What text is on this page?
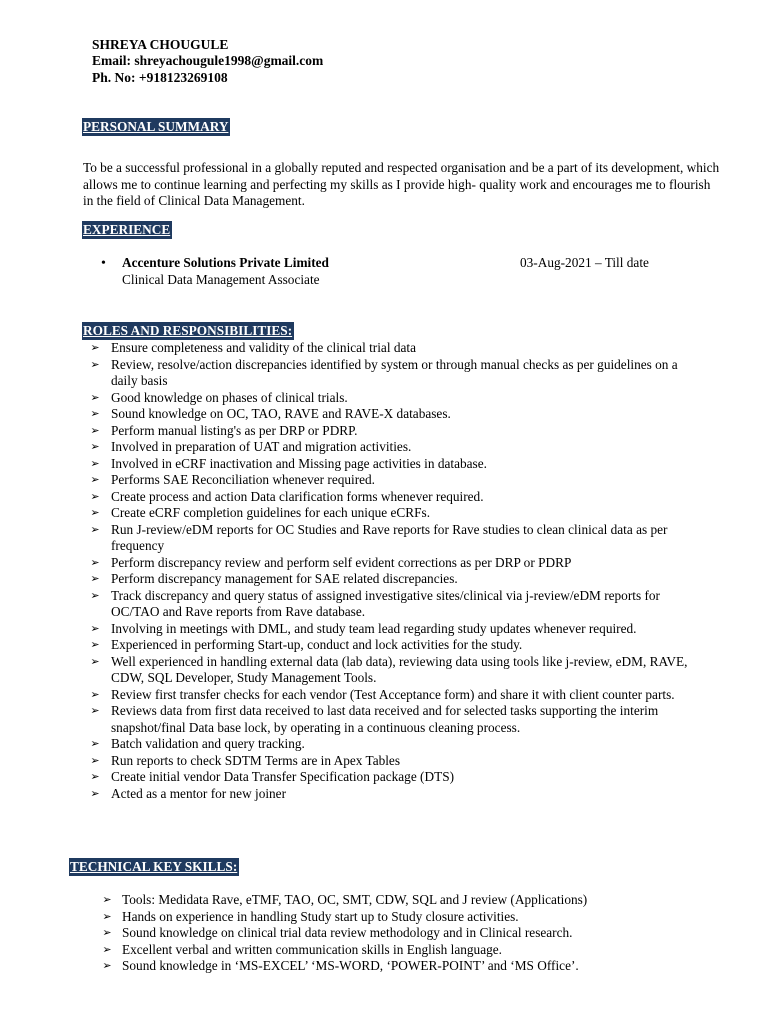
SHREYA CHOUGULE
Email: shreyachougule1998@gmail.com
Ph. No: +918123269108
PERSONAL SUMMARY
To be a successful professional in a globally reputed and respected organisation and be a part of its development, which allows me to continue learning and perfecting my skills as I provide high- quality work and encourages me to flourish in the field of Clinical Data Management.
EXPERIENCE
• Accenture Solutions Private Limited	03-Aug-2021 – Till date
Clinical Data Management Associate
ROLES AND RESPONSIBILITIES:
➢ Ensure completeness and validity of the clinical trial data
➢ Review, resolve/action discrepancies identified by system or through manual checks as per guidelines on a daily basis
➢ Good knowledge on phases of clinical trials.
➢ Sound knowledge on OC, TAO, RAVE and RAVE-X databases.
➢ Perform manual listing's as per DRP or PDRP.
➢ Involved in preparation of UAT and migration activities.
➢ Involved in eCRF inactivation and Missing page activities in database.
➢ Performs SAE Reconciliation whenever required.
➢ Create process and action Data clarification forms whenever required.
➢ Create eCRF completion guidelines for each unique eCRFs.
➢ Run J-review/eDM reports for OC Studies and Rave reports for Rave studies to clean clinical data as per frequency
➢ Perform discrepancy review and perform self evident corrections as per DRP or PDRP
➢ Perform discrepancy management for SAE related discrepancies.
➢ Track discrepancy and query status of assigned investigative sites/clinical via j-review/eDM reports for OC/TAO and Rave reports from Rave database.
➢ Involving in meetings with DML, and study team lead regarding study updates whenever required.
➢ Experienced in performing Start-up, conduct and lock activities for the study.
➢ Well experienced in handling external data (lab data), reviewing data using tools like j-review, eDM, RAVE, CDW, SQL Developer, Study Management Tools.
➢ Review first transfer checks for each vendor (Test Acceptance form) and share it with client counter parts.
➢ Reviews data from first data received to last data received and for selected tasks supporting the interim snapshot/final Data base lock, by operating in a continuous cleaning process.
➢ Batch validation and query tracking.
➢ Run reports to check SDTM Terms are in Apex Tables
➢ Create initial vendor Data Transfer Specification package (DTS)
➢ Acted as a mentor for new joiner
TECHNICAL KEY SKILLS:
➢ Tools: Medidata Rave, eTMF, TAO, OC, SMT, CDW, SQL and J review (Applications)
➢ Hands on experience in handling Study start up to Study closure activities.
➢ Sound knowledge on clinical trial data review methodology and in Clinical research.
➢ Excellent verbal and written communication skills in English language.
➢ Sound knowledge in ‘MS-EXCEL’ ‘MS-WORD, ‘POWER-POINT’ and ‘MS Office’.
